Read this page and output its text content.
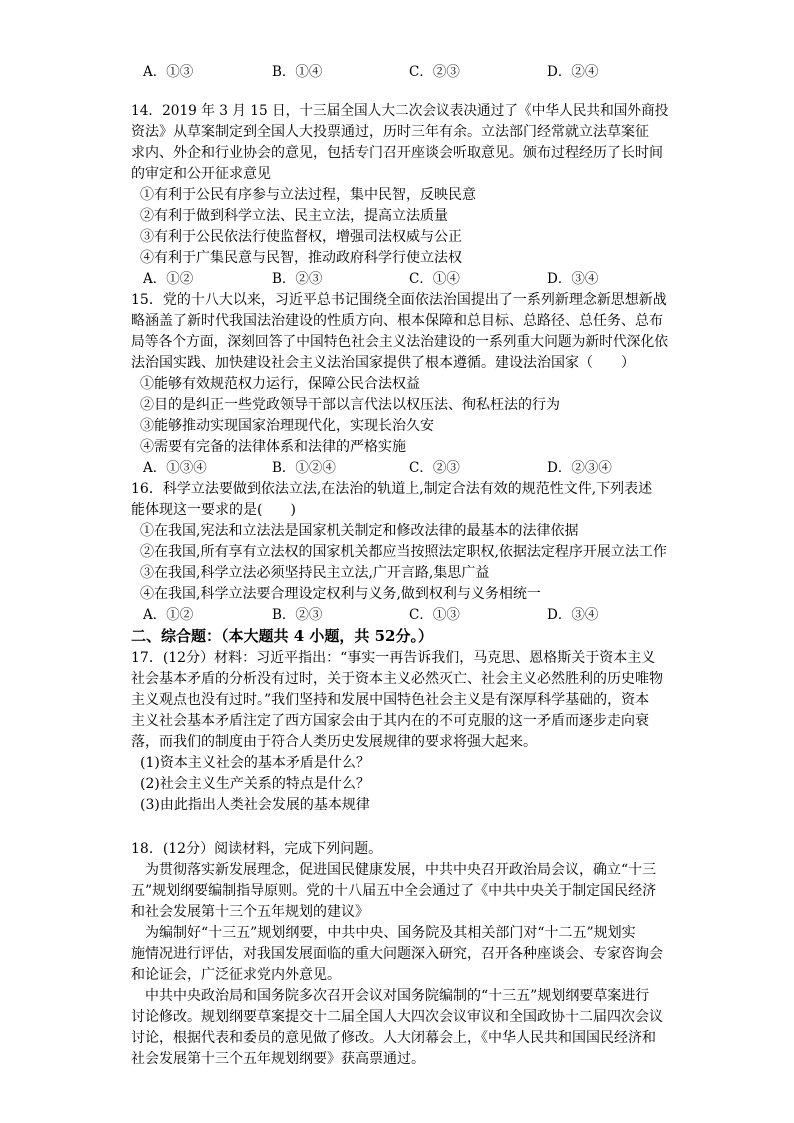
A．①③	B．①④	C．②③	D．②④
14．2019 年 3 月 15 日，十三届全国人大二次会议表决通过了《中华人民共和国外商投
资法》从草案制定到全国人大投票通过，历时三年有余。立法部门经常就立法草案征
求内、外企和行业协会的意见，包括专门召开座谈会听取意见。颁布过程经历了长时间
的审定和公开征求意见
①有利于公民有序参与立法过程，集中民智，反映民意
②有利于做到科学立法、民主立法，提高立法质量
③有利于公民依法行使监督权，增强司法权威与公正
④有利于广集民意与民智，推动政府科学行使立法权
A．①②	B．②③	C．①④	D．③④
15．党的十八大以来，习近平总书记围绕全面依法治国提出了一系列新理念新思想新战
略涵盖了新时代我国法治建设的性质方向、根本保障和总目标、总路径、总任务、总布
局等各个方面，深刻回答了中国特色社会主义法治建设的一系列重大问题为新时代深化依
法治国实践、加快建设社会主义法治国家提供了根本遵循。建设法治国家（　　）
①能够有效规范权力运行，保障公民合法权益
②目的是纠正一些党政领导干部以言代法以权压法、徇私枉法的行为
③能够推动实现国家治理现代化，实现长治久安
④需要有完备的法律体系和法律的严格实施
A．①③④	B．①②④	C．②③	D．②③④
16．科学立法要做到依法立法,在法治的轨道上,制定合法有效的规范性文件,下列表述
能体现这一要求的是(　　)
①在我国,宪法和立法法是国家机关制定和修改法律的最基本的法律依据
②在我国,所有享有立法权的国家机关都应当按照法定职权,依据法定程序开展立法工作
③在我国,科学立法必须坚持民主立法,广开言路,集思广益
④在我国,科学立法要合理设定权利与义务,做到权利与义务相统一
A．①②	B．②③	C．①③	D．③④
二、综合题：（本大题共 4 小题，共 52分。）
17．(12分）材料：习近平指出：“事实一再告诉我们，马克思、恩格斯关于资本主义
社会基本矛盾的分析没有过时，关于资本主义必然灭亡、社会主义必然胜利的历史唯物
主义观点也没有过时。”我们坚持和发展中国特色社会主义是有深厚科学基础的，资本
主义社会基本矛盾注定了西方国家会由于其内在的不可克服的这一矛盾而逐步走向衰
落，而我们的制度由于符合人类历史发展规律的要求将强大起来。
(1)资本主义社会的基本矛盾是什么？
(2)社会主义生产关系的特点是什么？
(3)由此指出人类社会发展的基本规律
18．(12分）阅读材料，完成下列问题。
　为贯彻落实新发展理念，促进国民健康发展，中共中央召开政治局会议，确立“十三
五”规划纲要编制指导原则。党的十八届五中全会通过了《中共中央关于制定国民经济
和社会发展第十三个五年规划的建议》
　为编制好“十三五”规划纲要，中共中央、国务院及其相关部门对“十二五”规划实
施情况进行评估，对我国发展面临的重大问题深入研究，召开各种座谈会、专家咨询会
和论证会，广泛征求党内外意见。
　中共中央政治局和国务院多次召开会议对国务院编制的“十三五”规划纲要草案进行
讨论修改。规划纲要草案提交十二届全国人大四次会议审议和全国政协十二届四次会议
讨论，根据代表和委员的意见做了修改。人大闭幕会上，《中华人民共和国国民经济和
社会发展第十三个五年规划纲要》获高票通过。
